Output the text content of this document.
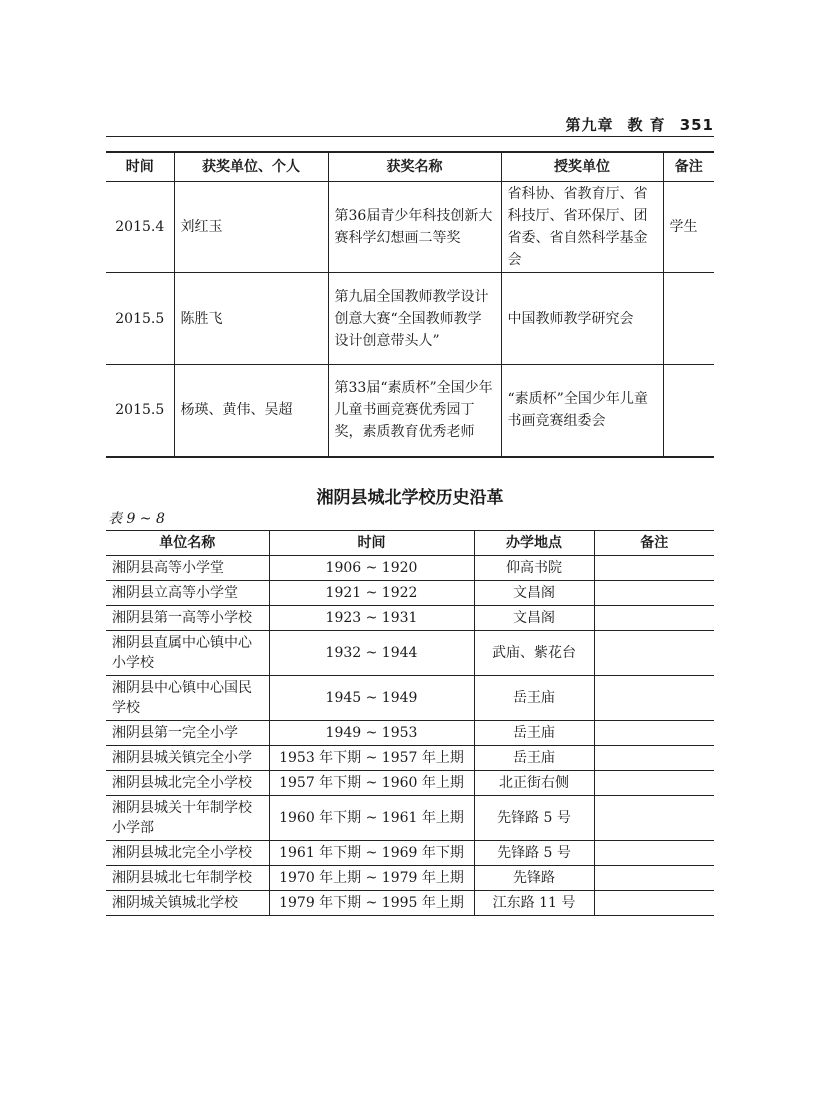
第九章 教 育 351
时间	获奖单位、个人	获奖名称	授奖单位	备注
2015.4	刘红玉	第36届青少年科技创新大赛科学幻想画二等奖	省科协、省教育厅、省科技厅、省环保厅、团省委、省自然科学基金会	学生
2015.5	陈胜飞	第九届全国教师教学设计创意大赛“全国教师教学设计创意带头人”	中国教师教学研究会	
2015.5	杨瑛、黄伟、吴超	第33届“素质杯”全国少年儿童书画竞赛优秀园丁奖，素质教育优秀老师	“素质杯”全国少年儿童书画竞赛组委会	
湘阴县城北学校历史沿革
表 9 ~ 8
单位名称	时间	办学地点	备注
湘阴县高等小学堂	1906 ~ 1920	仰高书院	
湘阴县立高等小学堂	1921 ~ 1922	文昌阁	
湘阴县第一高等小学校	1923 ~ 1931	文昌阁	
湘阴县直属中心镇中心小学校	1932 ~ 1944	武庙、紫花台	
湘阴县中心镇中心国民学校	1945 ~ 1949	岳王庙	
湘阴县第一完全小学	1949 ~ 1953	岳王庙	
湘阴县城关镇完全小学	1953 年下期 ~ 1957 年上期	岳王庙	
湘阴县城北完全小学校	1957 年下期 ~ 1960 年上期	北正街右侧	
湘阴县城关十年制学校小学部	1960 年下期 ~ 1961 年上期	先锋路 5 号	
湘阴县城北完全小学校	1961 年下期 ~ 1969 年下期	先锋路 5 号	
湘阴县城北七年制学校	1970 年上期 ~ 1979 年上期	先锋路	
湘阴城关镇城北学校	1979 年下期 ~ 1995 年上期	江东路 11 号	
